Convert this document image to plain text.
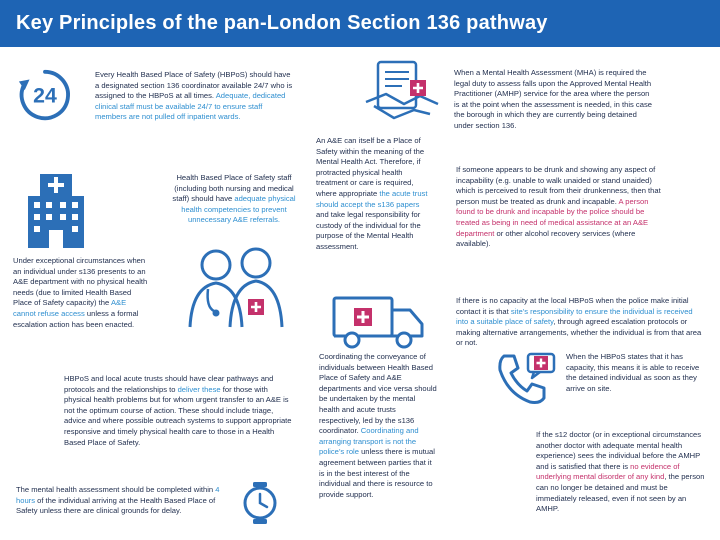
Key Principles of the pan-London Section 136 pathway
24
Every Health Based Place of Safety (HBPoS) should have a designated section 136 coordinator available 24/7 who is assigned to the HBPoS at all times. Adequate, dedicated clinical staff must be available 24/7 to ensure staff members are not pulled off inpatient wards.
Health Based Place of Safety staff (including both nursing and medical staff) should have adequate physical health competencies to prevent unnecessary A&E referrals.
Under exceptional circumstances when an individual under s136 presents to an A&E department with no physical health needs (due to limited Health Based Place of Safety capacity) the A&E cannot refuse access unless a formal escalation action has been enacted.
HBPoS and local acute trusts should have clear pathways and protocols and the relationships to deliver these for those with physical health problems but for whom urgent transfer to an A&E is not the optimum course of action. These should include triage, advice and where possible outreach systems to support appropriate responsive and timely physical health care to those in a Health Based Place of Safety.
The mental health assessment should be completed within 4 hours of the individual arriving at the Health Based Place of Safety unless there are clinical grounds for delay.
An A&E can itself be a Place of Safety within the meaning of the Mental Health Act. Therefore, if protracted physical health treatment or care is required, where appropriate the acute trust should accept the s136 papers and take legal responsibility for custody of the individual for the purpose of the Mental Health assessment.
Coordinating the conveyance of individuals between Health Based Place of Safety and A&E departments and vice versa should be undertaken by the mental health and acute trusts respectively, led by the s136 coordinator. Coordinating and arranging transport is not the police’s role unless there is mutual agreement between parties that it is in the best interest of the individual and there is resource to provide support.
When a Mental Health Assessment (MHA) is required the legal duty to assess falls upon the Approved Mental Health Practitioner (AMHP) service for the area where the person is at the point when the assessment is needed, in this case the borough in which they are currently being detained under section 136.
If someone appears to be drunk and showing any aspect of incapability (e.g. unable to walk unaided or stand unaided) which is perceived to result from their drunkenness, then that person must be treated as drunk and incapable. A person found to be drunk and incapable by the police should be treated as being in need of medical assistance at an A&E department or other alcohol recovery services (where available).
If there is no capacity at the local HBPoS when the police make initial contact it is that site’s responsibility to ensure the individual is received into a suitable place of safety, through agreed escalation protocols or making alternative arrangements, whether the individual is from that area or not.
When the HBPoS states that it has capacity, this means it is able to receive the detained individual as soon as they arrive on site.
If the s12 doctor (or in exceptional circumstances another doctor with adequate mental health experience) sees the individual before the AMHP and is satisfied that there is no evidence of underlying mental disorder of any kind, the person can no longer be detained and must be immediately released, even if not seen by an AMHP.
